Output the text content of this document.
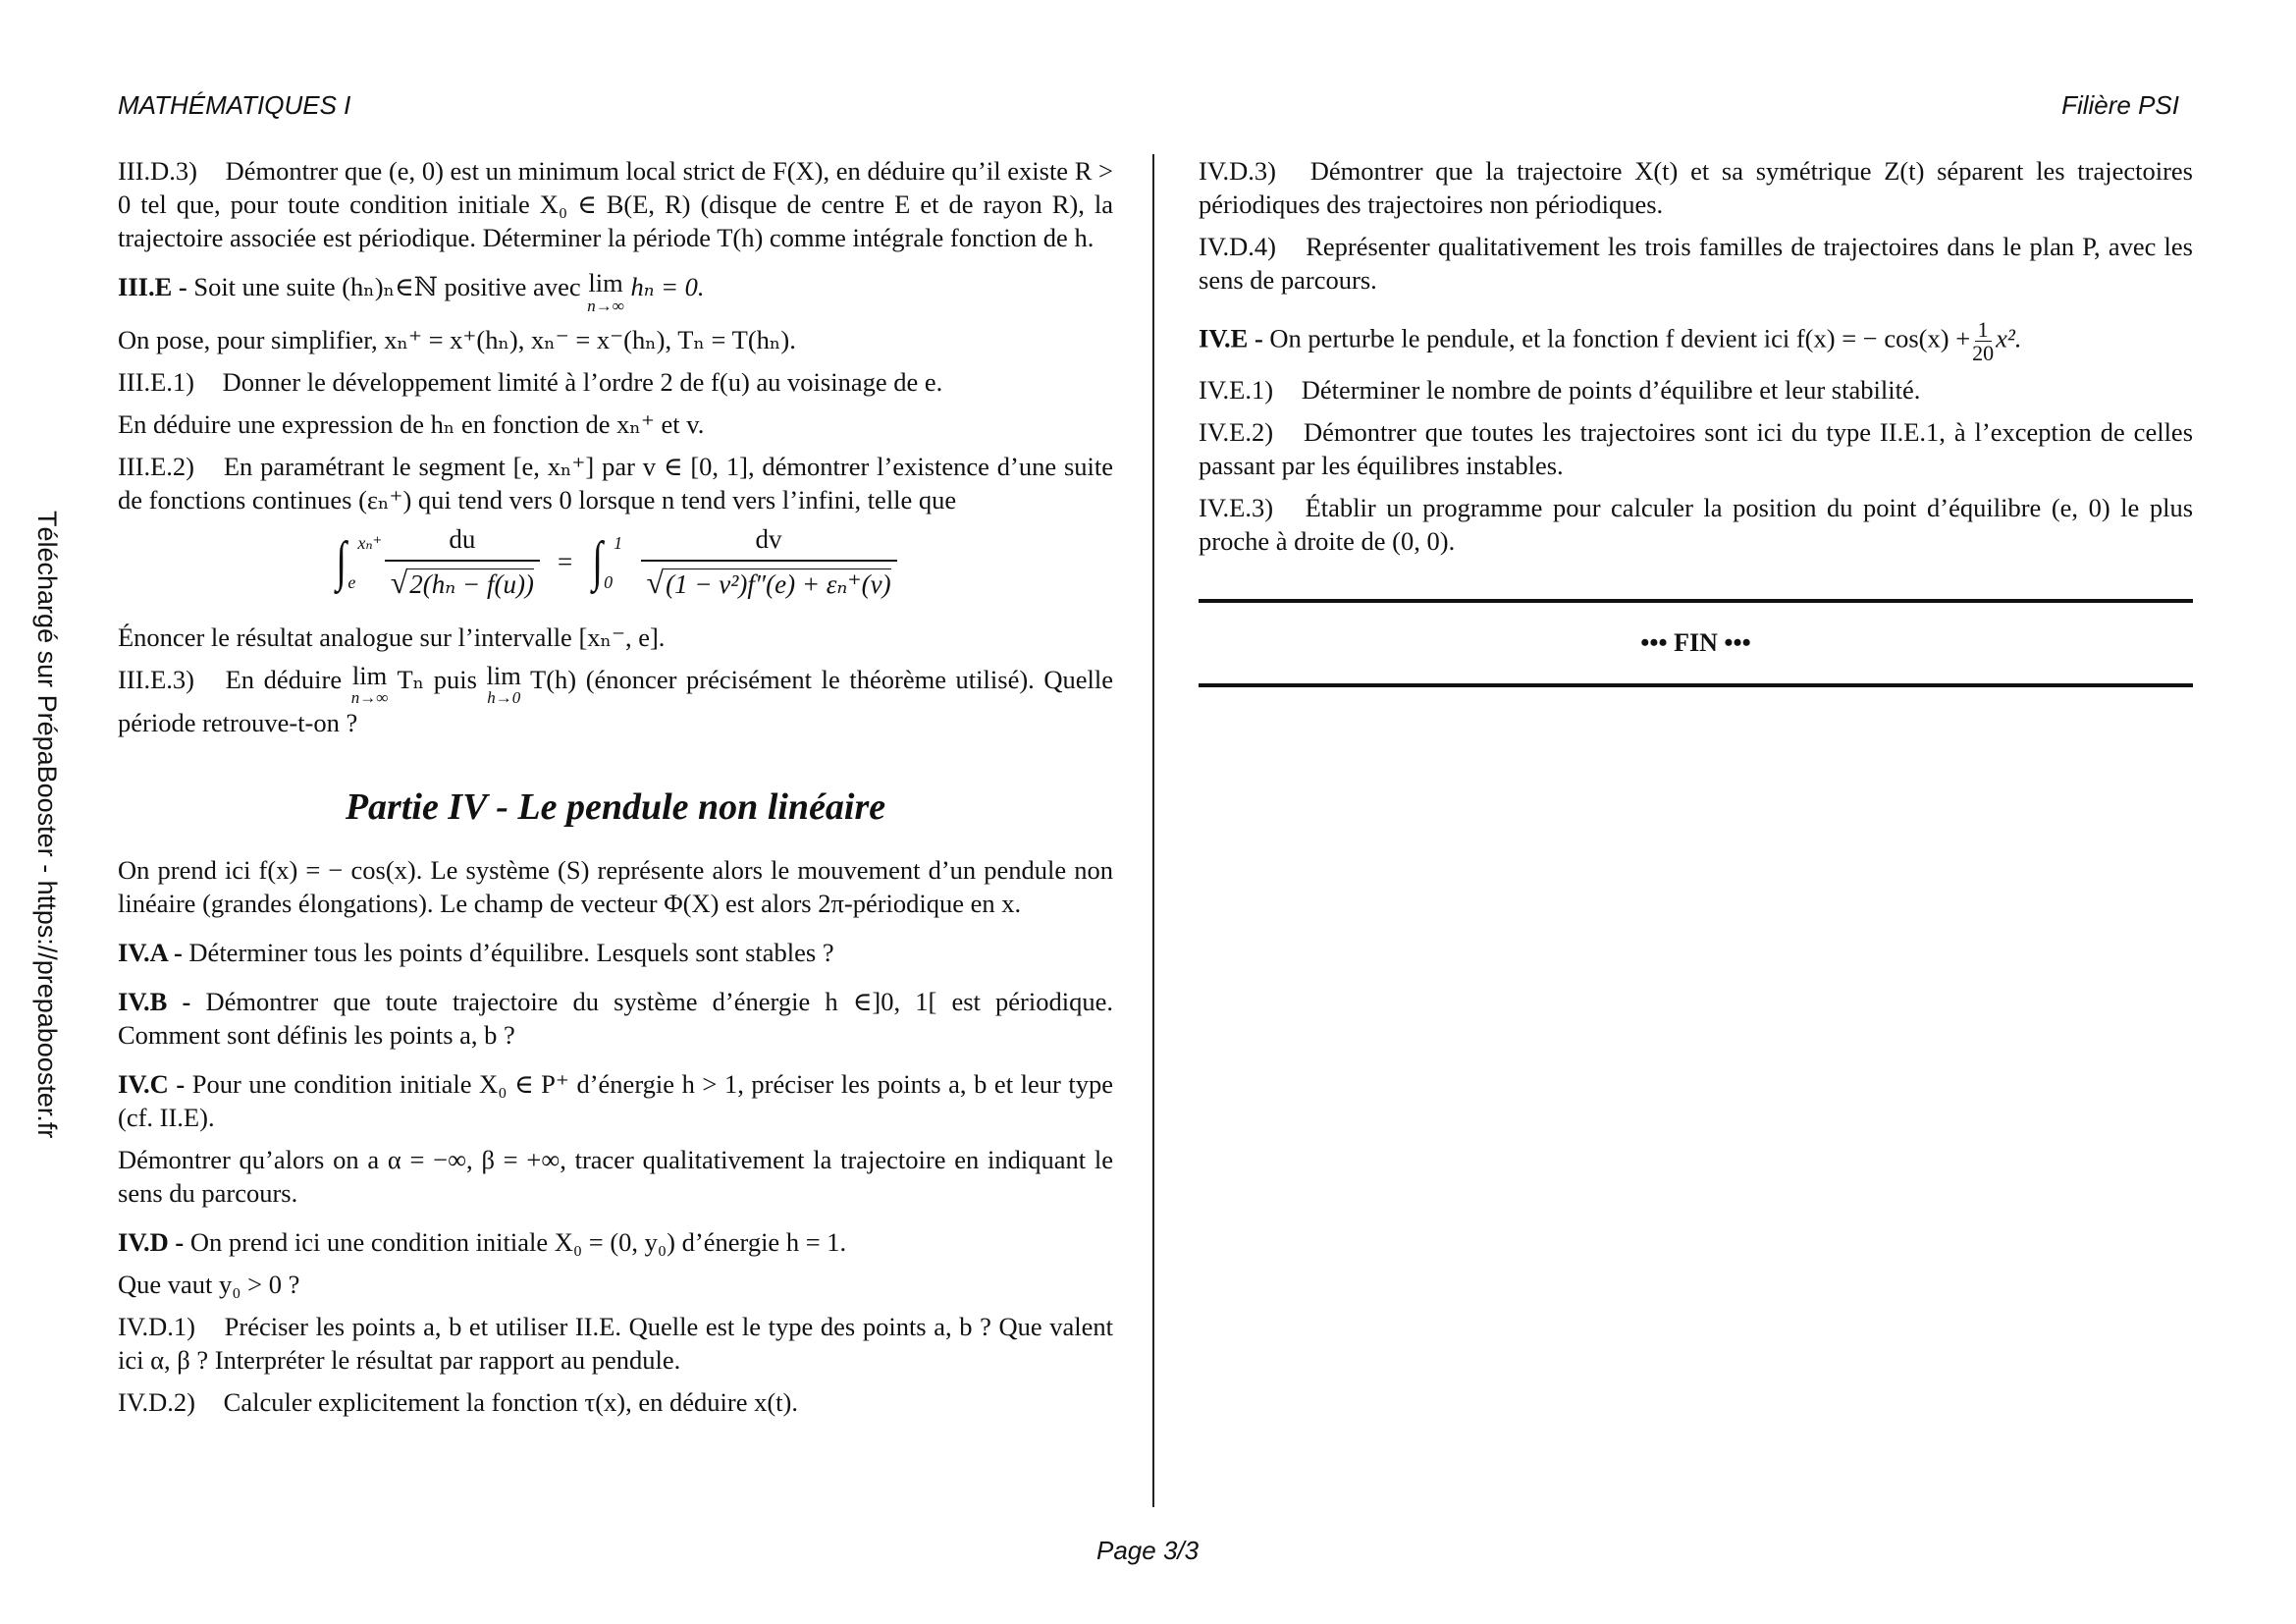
MATHÉMATIQUES I	Filière PSI
Téléchargé sur PrépaBooster - https://prepabooster.fr

III.D.3) Démontrer que (e, 0) est un minimum local strict de F(X), en déduire qu’il existe R > 0 tel que, pour toute condition initiale X₀ ∈ B(E, R) (disque de centre E et de rayon R), la trajectoire associée est périodique. Déterminer la période T(h) comme intégrale fonction de h.

III.E - Soit une suite (hₙ)ₙ∈ℕ positive avec lim
n→∞
hₙ = 0.

On pose, pour simplifier, xₙ⁺ = x⁺(hₙ), xₙ⁻ = x⁻(hₙ), Tₙ = T(hₙ).

III.E.1) Donner le développement limité à l’ordre 2 de f(u) au voisinage de e.

En déduire une expression de hₙ en fonction de xₙ⁺ et v.

III.E.2) En paramétrant le segment [e, xₙ⁺] par v ∈ [0, 1], démontrer l’existence d’une suite de fonctions continues (εₙ⁺) qui tend vers 0 lorsque n tend vers l’infini, telle que

∫ xₙ⁺
e $\frac{du}{\text{√2(hₙ − f(u))}}$ = ∫ 1
$0 \frac{dv}{\text{√(1 − v²)f″(e) + εₙ⁺(v)}}$

Énoncer le résultat analogue sur l’intervalle [xₙ⁻, e].

III.E.3) En déduire lim
n→∞
Tₙ puis lim
h→0
T(h) (énoncer précisément le théorème utilisé). Quelle période retrouve-t-on ?

Partie IV - Le pendule non linéaire

On prend ici f(x) = − cos(x). Le système (S) représente alors le mouvement d’un pendule non linéaire (grandes élongations). Le champ de vecteur Φ(X) est alors 2π-périodique en x.

IV.A - Déterminer tous les points d’équilibre. Lesquels sont stables ?

IV.B - Démontrer que toute trajectoire du système d’énergie h ∈]0, 1[ est périodique. Comment sont définis les points a, b ?

IV.C - Pour une condition initiale X₀ ∈ P⁺ d’énergie h > 1, préciser les points a, b et leur type (cf. II.E).

Démontrer qu’alors on a α = −∞, β = +∞, tracer qualitativement la trajectoire en indiquant le sens du parcours.

IV.D - On prend ici une condition initiale X₀ = (0, y₀) d’énergie h = 1.

Que vaut y₀ > 0 ?

IV.D.1) Préciser les points a, b et utiliser II.E. Quelle est le type des points a, b ? Que valent ici α, β ? Interpréter le résultat par rapport au pendule.

IV.D.2) Calculer explicitement la fonction τ(x), en déduire x(t).

IV.D.3) Démontrer que la trajectoire X(t) et sa symétrique Z(t) séparent les trajectoires périodiques des trajectoires non périodiques.

IV.D.4) Représenter qualitativement les trois familles de trajectoires dans le plan P, avec les sens de parcours.

IV.E - On perturbe le pendule, et la fonction f devient ici f(x) = − $\cos(x) + \frac{1}{20} x^2$.

IV.E.1) Déterminer le nombre de points d’équilibre et leur stabilité.

IV.E.2) Démontrer que toutes les trajectoires sont ici du type II.E.1, à l’exception de celles passant par les équilibres instables.

IV.E.3) Établir un programme pour calculer la position du point d’équilibre (e, 0) le plus proche à droite de (0, 0).

••• FIN •••
Page 3/3
